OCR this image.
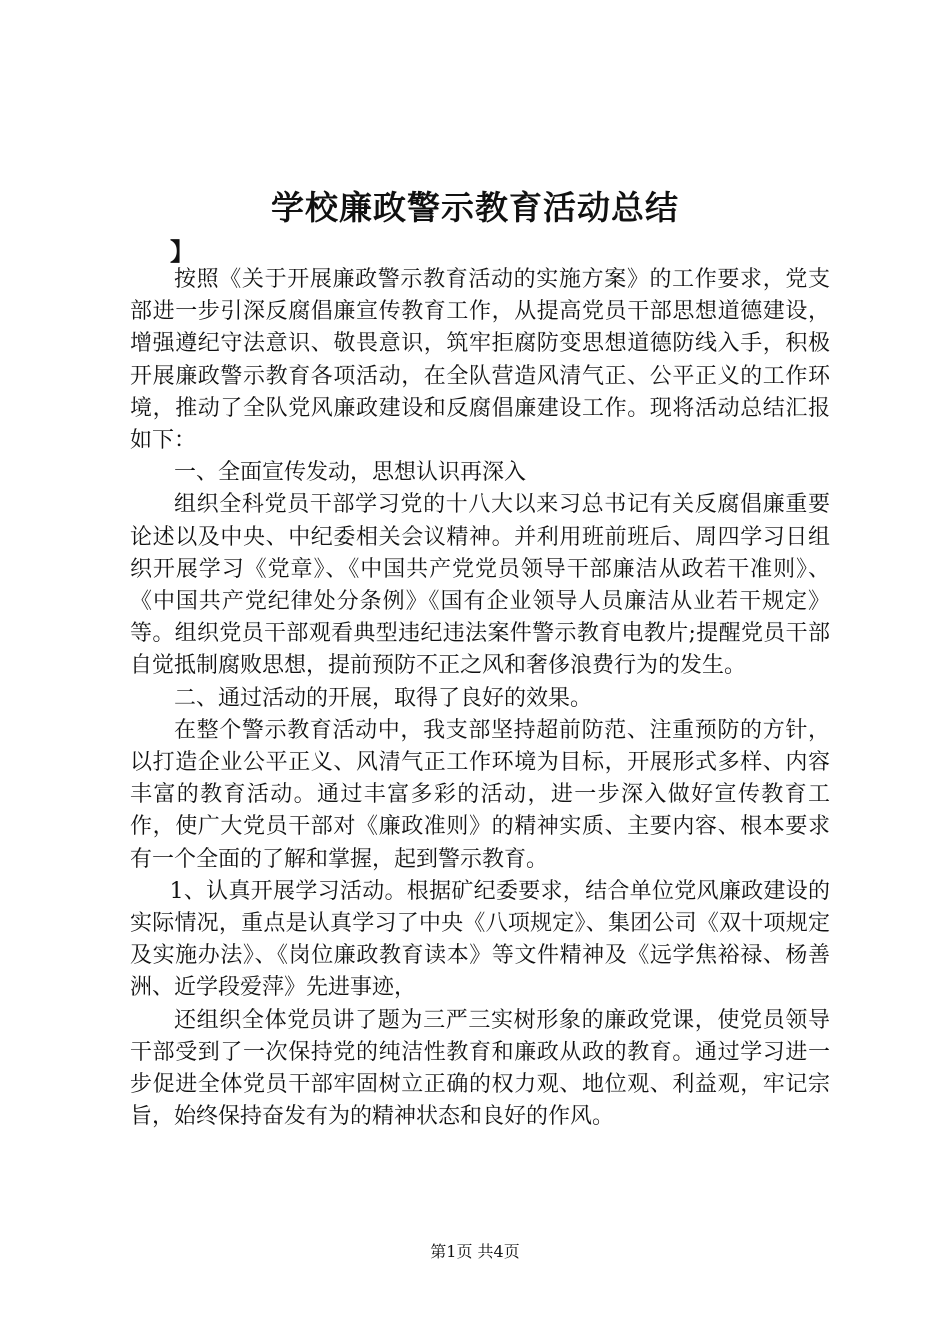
学校廉政警示教育活动总结
】

按照《关于开展廉政警示教育活动的实施方案》的工作要求，党支部进一步引深反腐倡廉宣传教育工作，从提高党员干部思想道德建设，增强遵纪守法意识、敬畏意识，筑牢拒腐防变思想道德防线入手，积极开展廉政警示教育各项活动，在全队营造风清气正、公平正义的工作环境，推动了全队党风廉政建设和反腐倡廉建设工作。现将活动总结汇报如下：

一、全面宣传发动，思想认识再深入

组织全科党员干部学习党的十八大以来习总书记有关反腐倡廉重要论述以及中央、中纪委相关会议精神。并利用班前班后、周四学习日组织开展学习《党章》、《中国共产党党员领导干部廉洁从政若干准则》、《中国共产党纪律处分条例》《国有企业领导人员廉洁从业若干规定》等。组织党员干部观看典型违纪违法案件警示教育电教片;提醒党员干部自觉抵制腐败思想，提前预防不正之风和奢侈浪费行为的发生。

二、通过活动的开展，取得了良好的效果。

在整个警示教育活动中，我支部坚持超前防范、注重预防的方针，以打造企业公平正义、风清气正工作环境为目标，开展形式多样、内容丰富的教育活动。通过丰富多彩的活动，进一步深入做好宣传教育工作，使广大党员干部对《廉政准则》的精神实质、主要内容、根本要求有一个全面的了解和掌握，起到警示教育。

1、认真开展学习活动。根据矿纪委要求，结合单位党风廉政建设的实际情况，重点是认真学习了中央《八项规定》、集团公司《双十项规定及实施办法》、《岗位廉政教育读本》等文件精神及《远学焦裕禄、杨善洲、近学段爱萍》先进事迹，

还组织全体党员讲了题为三严三实树形象的廉政党课，使党员领导干部受到了一次保持党的纯洁性教育和廉政从政的教育。通过学习进一步促进全体党员干部牢固树立正确的权力观、地位观、利益观，牢记宗旨，始终保持奋发有为的精神状态和良好的作风。

第1页 共4页
